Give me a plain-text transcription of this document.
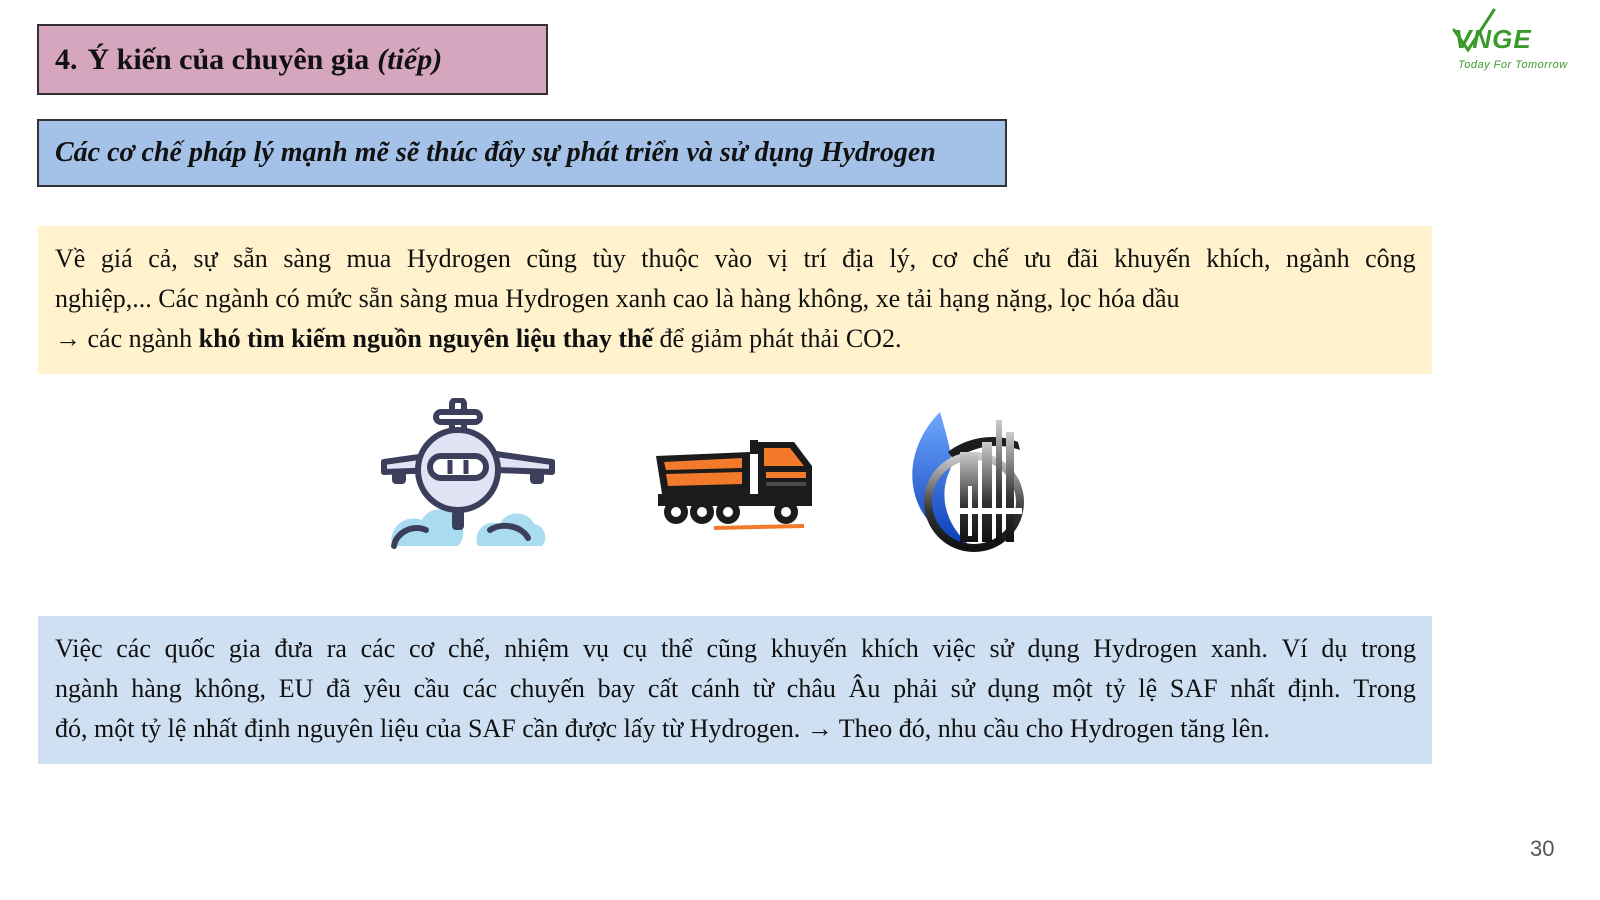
4. Ý kiến của chuyên gia (tiếp)
Các cơ chế pháp lý mạnh mẽ sẽ thúc đẩy sự phát triển và sử dụng Hydrogen
VNGE
Today For Tomorrow
Về giá cả, sự sẵn sàng mua Hydrogen cũng tùy thuộc vào vị trí địa lý, cơ chế ưu đãi khuyến khích, ngành công
nghiệp,... Các ngành có mức sẵn sàng mua Hydrogen xanh cao là hàng không, xe tải hạng nặng, lọc hóa dầu
→ các ngành khó tìm kiếm nguồn nguyên liệu thay thế để giảm phát thải CO2.
Việc các quốc gia đưa ra các cơ chế, nhiệm vụ cụ thể cũng khuyến khích việc sử dụng Hydrogen xanh. Ví dụ trong
ngành hàng không, EU đã yêu cầu các chuyến bay cất cánh từ châu Âu phải sử dụng một tỷ lệ SAF nhất định. Trong
đó, một tỷ lệ nhất định nguyên liệu của SAF cần được lấy từ Hydrogen. → Theo đó, nhu cầu cho Hydrogen tăng lên.
30
